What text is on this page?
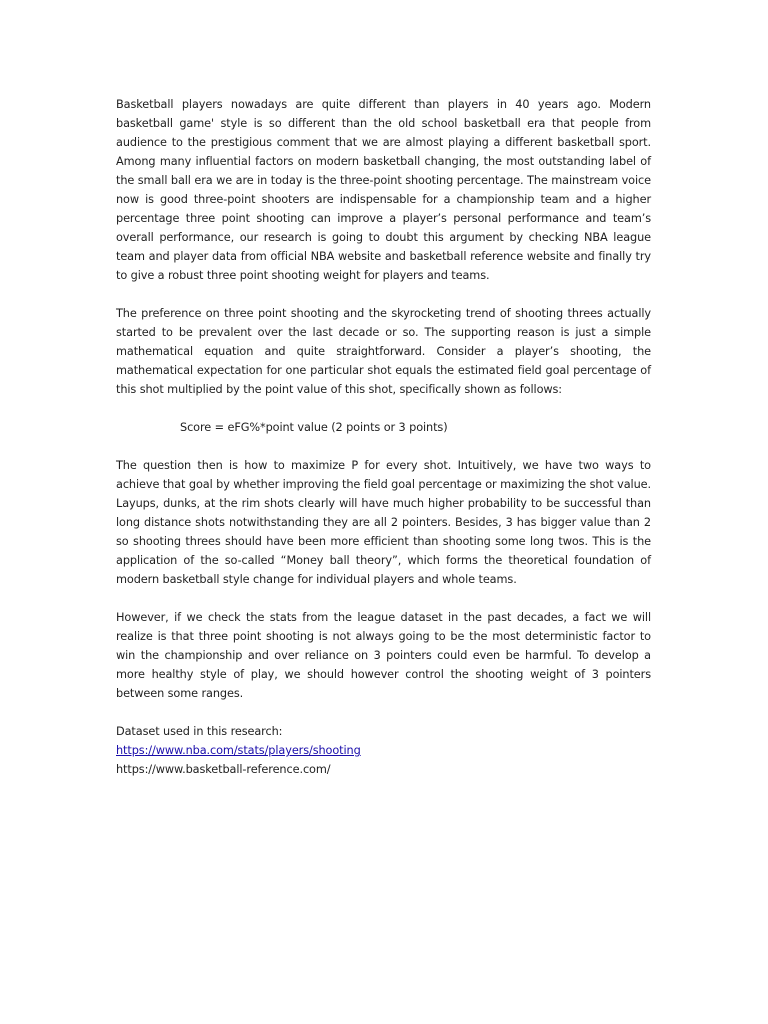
Basketball players nowadays are quite different than players in 40 years ago. Modern basketball game' style is so different than the old school basketball era that people from audience to the prestigious comment that we are almost playing a different basketball sport. Among many influential factors on modern basketball changing, the most outstanding label of the small ball era we are in today is the three-point shooting percentage. The mainstream voice now is good three-point shooters are indispensable for a championship team and a higher percentage three point shooting can improve a player’s personal performance and team’s overall performance, our research is going to doubt this argument by checking NBA league team and player data from official NBA website and basketball reference website and finally try to give a robust three point shooting weight for players and teams.

The preference on three point shooting and the skyrocketing trend of shooting threes actually started to be prevalent over the last decade or so. The supporting reason is just a simple mathematical equation and quite straightforward. Consider a player’s shooting, the mathematical expectation for one particular shot equals the estimated field goal percentage of this shot multiplied by the point value of this shot, specifically shown as follows:

Score = eFG%*point value (2 points or 3 points)

The question then is how to maximize P for every shot. Intuitively, we have two ways to achieve that goal by whether improving the field goal percentage or maximizing the shot value. Layups, dunks, at the rim shots clearly will have much higher probability to be successful than long distance shots notwithstanding they are all 2 pointers. Besides, 3 has bigger value than 2 so shooting threes should have been more efficient than shooting some long twos. This is the application of the so-called “Money ball theory”, which forms the theoretical foundation of modern basketball style change for individual players and whole teams.

However, if we check the stats from the league dataset in the past decades, a fact we will realize is that three point shooting is not always going to be the most deterministic factor to win the championship and over reliance on 3 pointers could even be harmful. To develop a more healthy style of play, we should however control the shooting weight of 3 pointers between some ranges.

Dataset used in this research:
https://www.nba.com/stats/players/shooting
https://www.basketball-reference.com/
